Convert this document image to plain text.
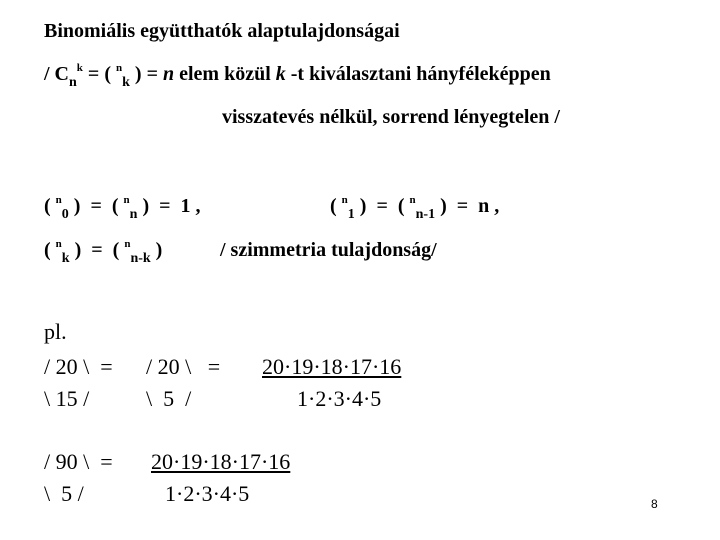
Binomiális együtthatók alaptulajdonságai
/ $C_n^k$ = ( $^n_k$ ) = n elem közül k -t kiválasztani hányféleképpen
visszatevés nélkül, sorrend lényegtelen /
( $^n_0$ )  =  ( $^n_n$ )  =  1 ,	( $^n_1$ )  =  ( $^n_{n-1}$ )  =  n ,
( $^n_k$ )  =  ( $^n_{n-k}$ )	/ szimmetria tulajdonság/
pl.
/ 20 \  = / 20 \   = 20·19·18·17·16
\ 15 /	\  5  /	1·2·3·4·5
/ 90 \  = 20·19·18·17·16
\  5 /	1·2·3·4·5	8
